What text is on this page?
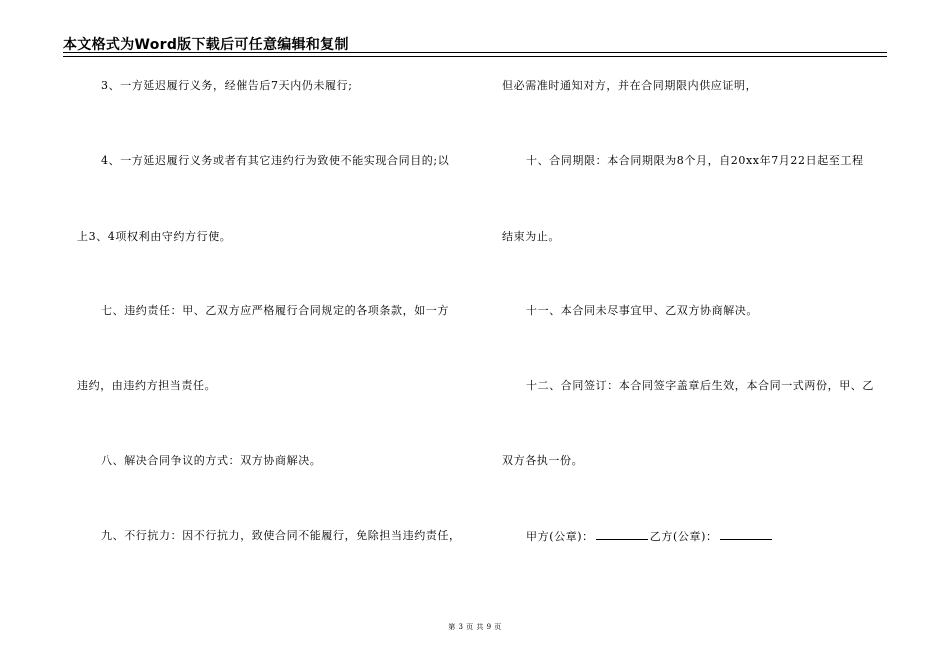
本文格式为Word版下载后可任意编辑和复制
3、一方延迟履行义务，经催告后7天内仍未履行;
4、一方延迟履行义务或者有其它违约行为致使不能实现合同目的;以
上3、4项权利由守约方行使。
七、违约责任：甲、乙双方应严格履行合同规定的各项条款，如一方
违约，由违约方担当责任。
八、解决合同争议的方式：双方协商解决。
九、不行抗力：因不行抗力，致使合同不能履行，免除担当违约责任，
但必需准时通知对方，并在合同期限内供应证明，
十、合同期限：本合同期限为8个月，自20xx年7月22日起至工程
结束为止。
十一、本合同未尽事宜甲、乙双方协商解决。
十二、合同签订：本合同签字盖章后生效，本合同一式两份，甲、乙
双方各执一份。
甲方(公章)：	乙方(公章)：
第 3 页 共 9 页
